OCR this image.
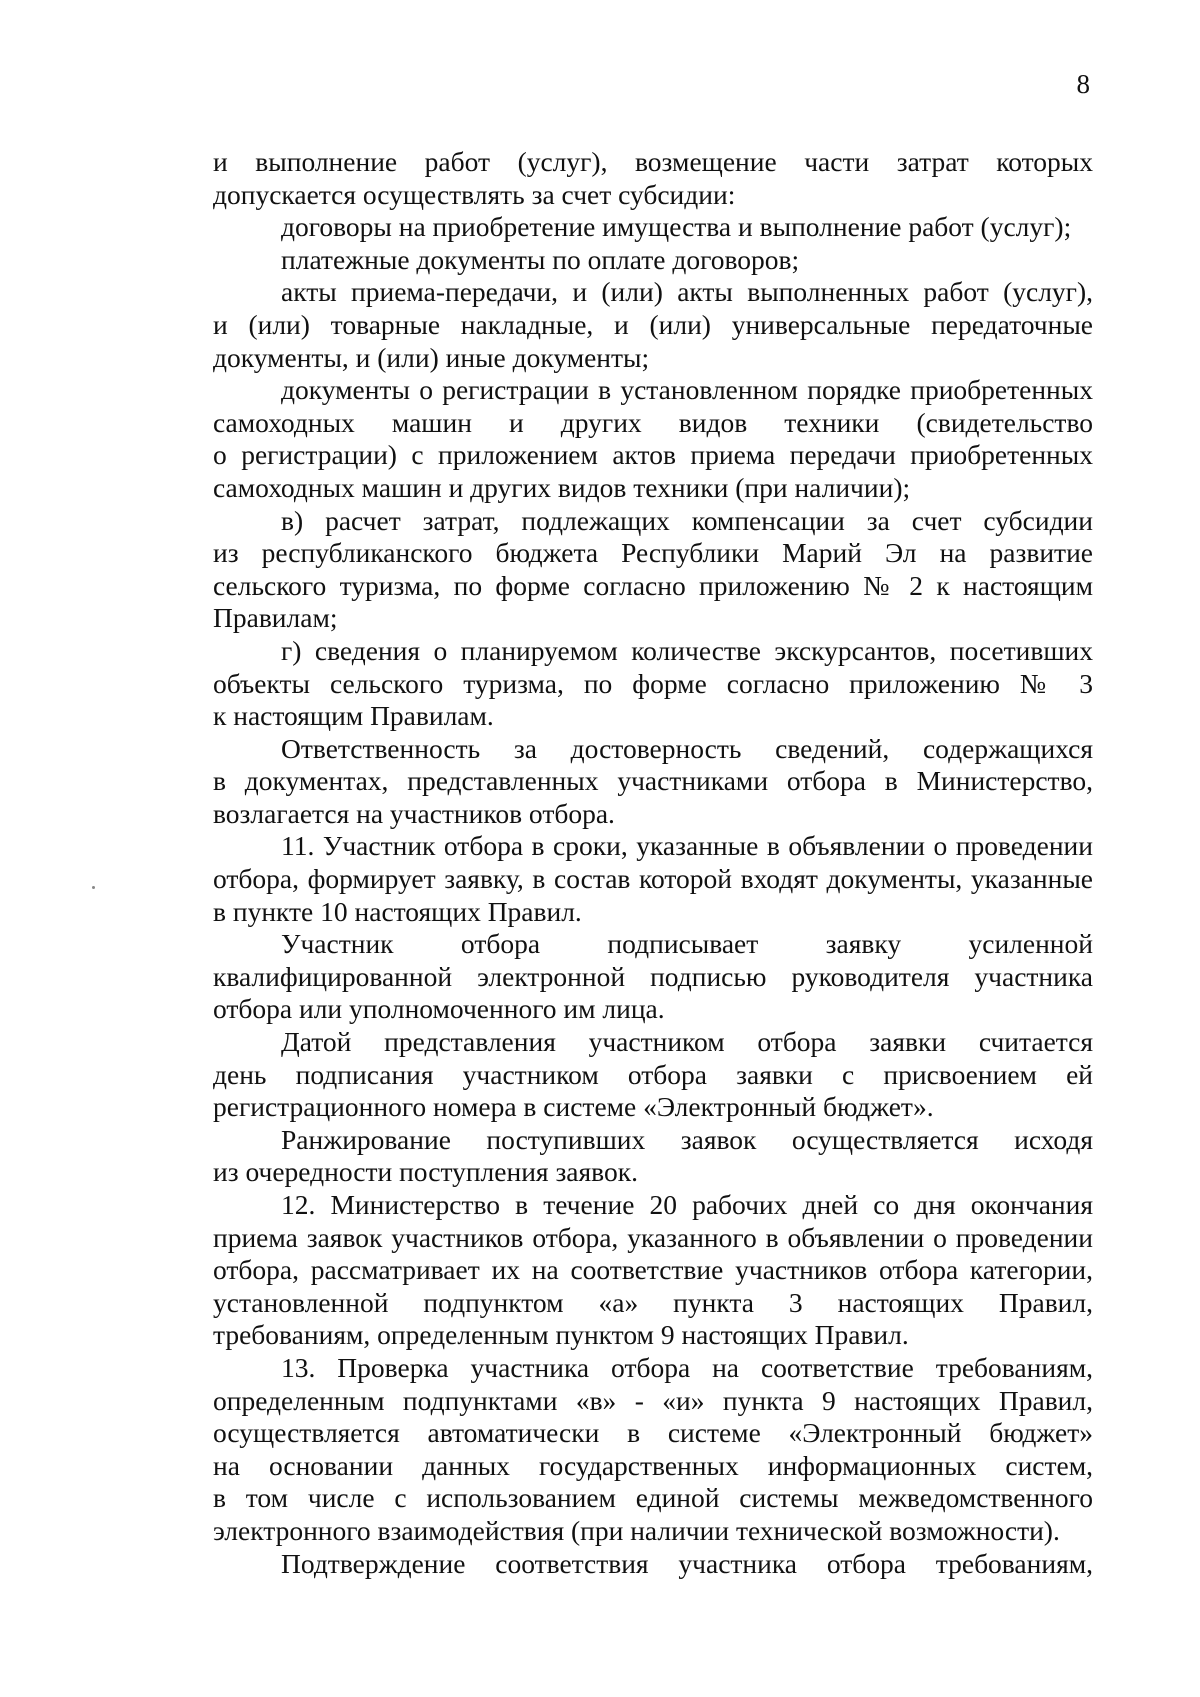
8
и выполнение работ (услуг), возмещение части затрат которых
допускается осуществлять за счет субсидии:
договоры на приобретение имущества и выполнение работ (услуг);
платежные документы по оплате договоров;
акты приема-передачи, и (или) акты выполненных работ (услуг),
и (или) товарные накладные, и (или) универсальные передаточные
документы, и (или) иные документы;
документы о регистрации в установленном порядке приобретенных
самоходных машин и других видов техники (свидетельство
о регистрации) с приложением актов приема передачи приобретенных
самоходных машин и других видов техники (при наличии);
в) расчет затрат, подлежащих компенсации за счет субсидии
из республиканского бюджета Республики Марий Эл на развитие
сельского туризма, по форме согласно приложению № 2 к настоящим
Правилам;
г) сведения о планируемом количестве экскурсантов, посетивших
объекты сельского туризма, по форме согласно приложению № 3
к настоящим Правилам.
Ответственность за достоверность сведений, содержащихся
в документах, представленных участниками отбора в Министерство,
возлагается на участников отбора.
11. Участник отбора в сроки, указанные в объявлении о проведении
отбора, формирует заявку, в состав которой входят документы, указанные
в пункте 10 настоящих Правил.
Участник отбора подписывает заявку усиленной
квалифицированной электронной подписью руководителя участника
отбора или уполномоченного им лица.
Датой представления участником отбора заявки считается
день подписания участником отбора заявки с присвоением ей
регистрационного номера в системе «Электронный бюджет».
Ранжирование поступивших заявок осуществляется исходя
из очередности поступления заявок.
12. Министерство в течение 20 рабочих дней со дня окончания
приема заявок участников отбора, указанного в объявлении о проведении
отбора, рассматривает их на соответствие участников отбора категории,
установленной подпунктом «а» пункта 3 настоящих Правил,
требованиям, определенным пунктом 9 настоящих Правил.
13. Проверка участника отбора на соответствие требованиям,
определенным подпунктами «в» - «и» пункта 9 настоящих Правил,
осуществляется автоматически в системе «Электронный бюджет»
на основании данных государственных информационных систем,
в том числе с использованием единой системы межведомственного
электронного взаимодействия (при наличии технической возможности).
Подтверждение соответствия участника отбора требованиям,
